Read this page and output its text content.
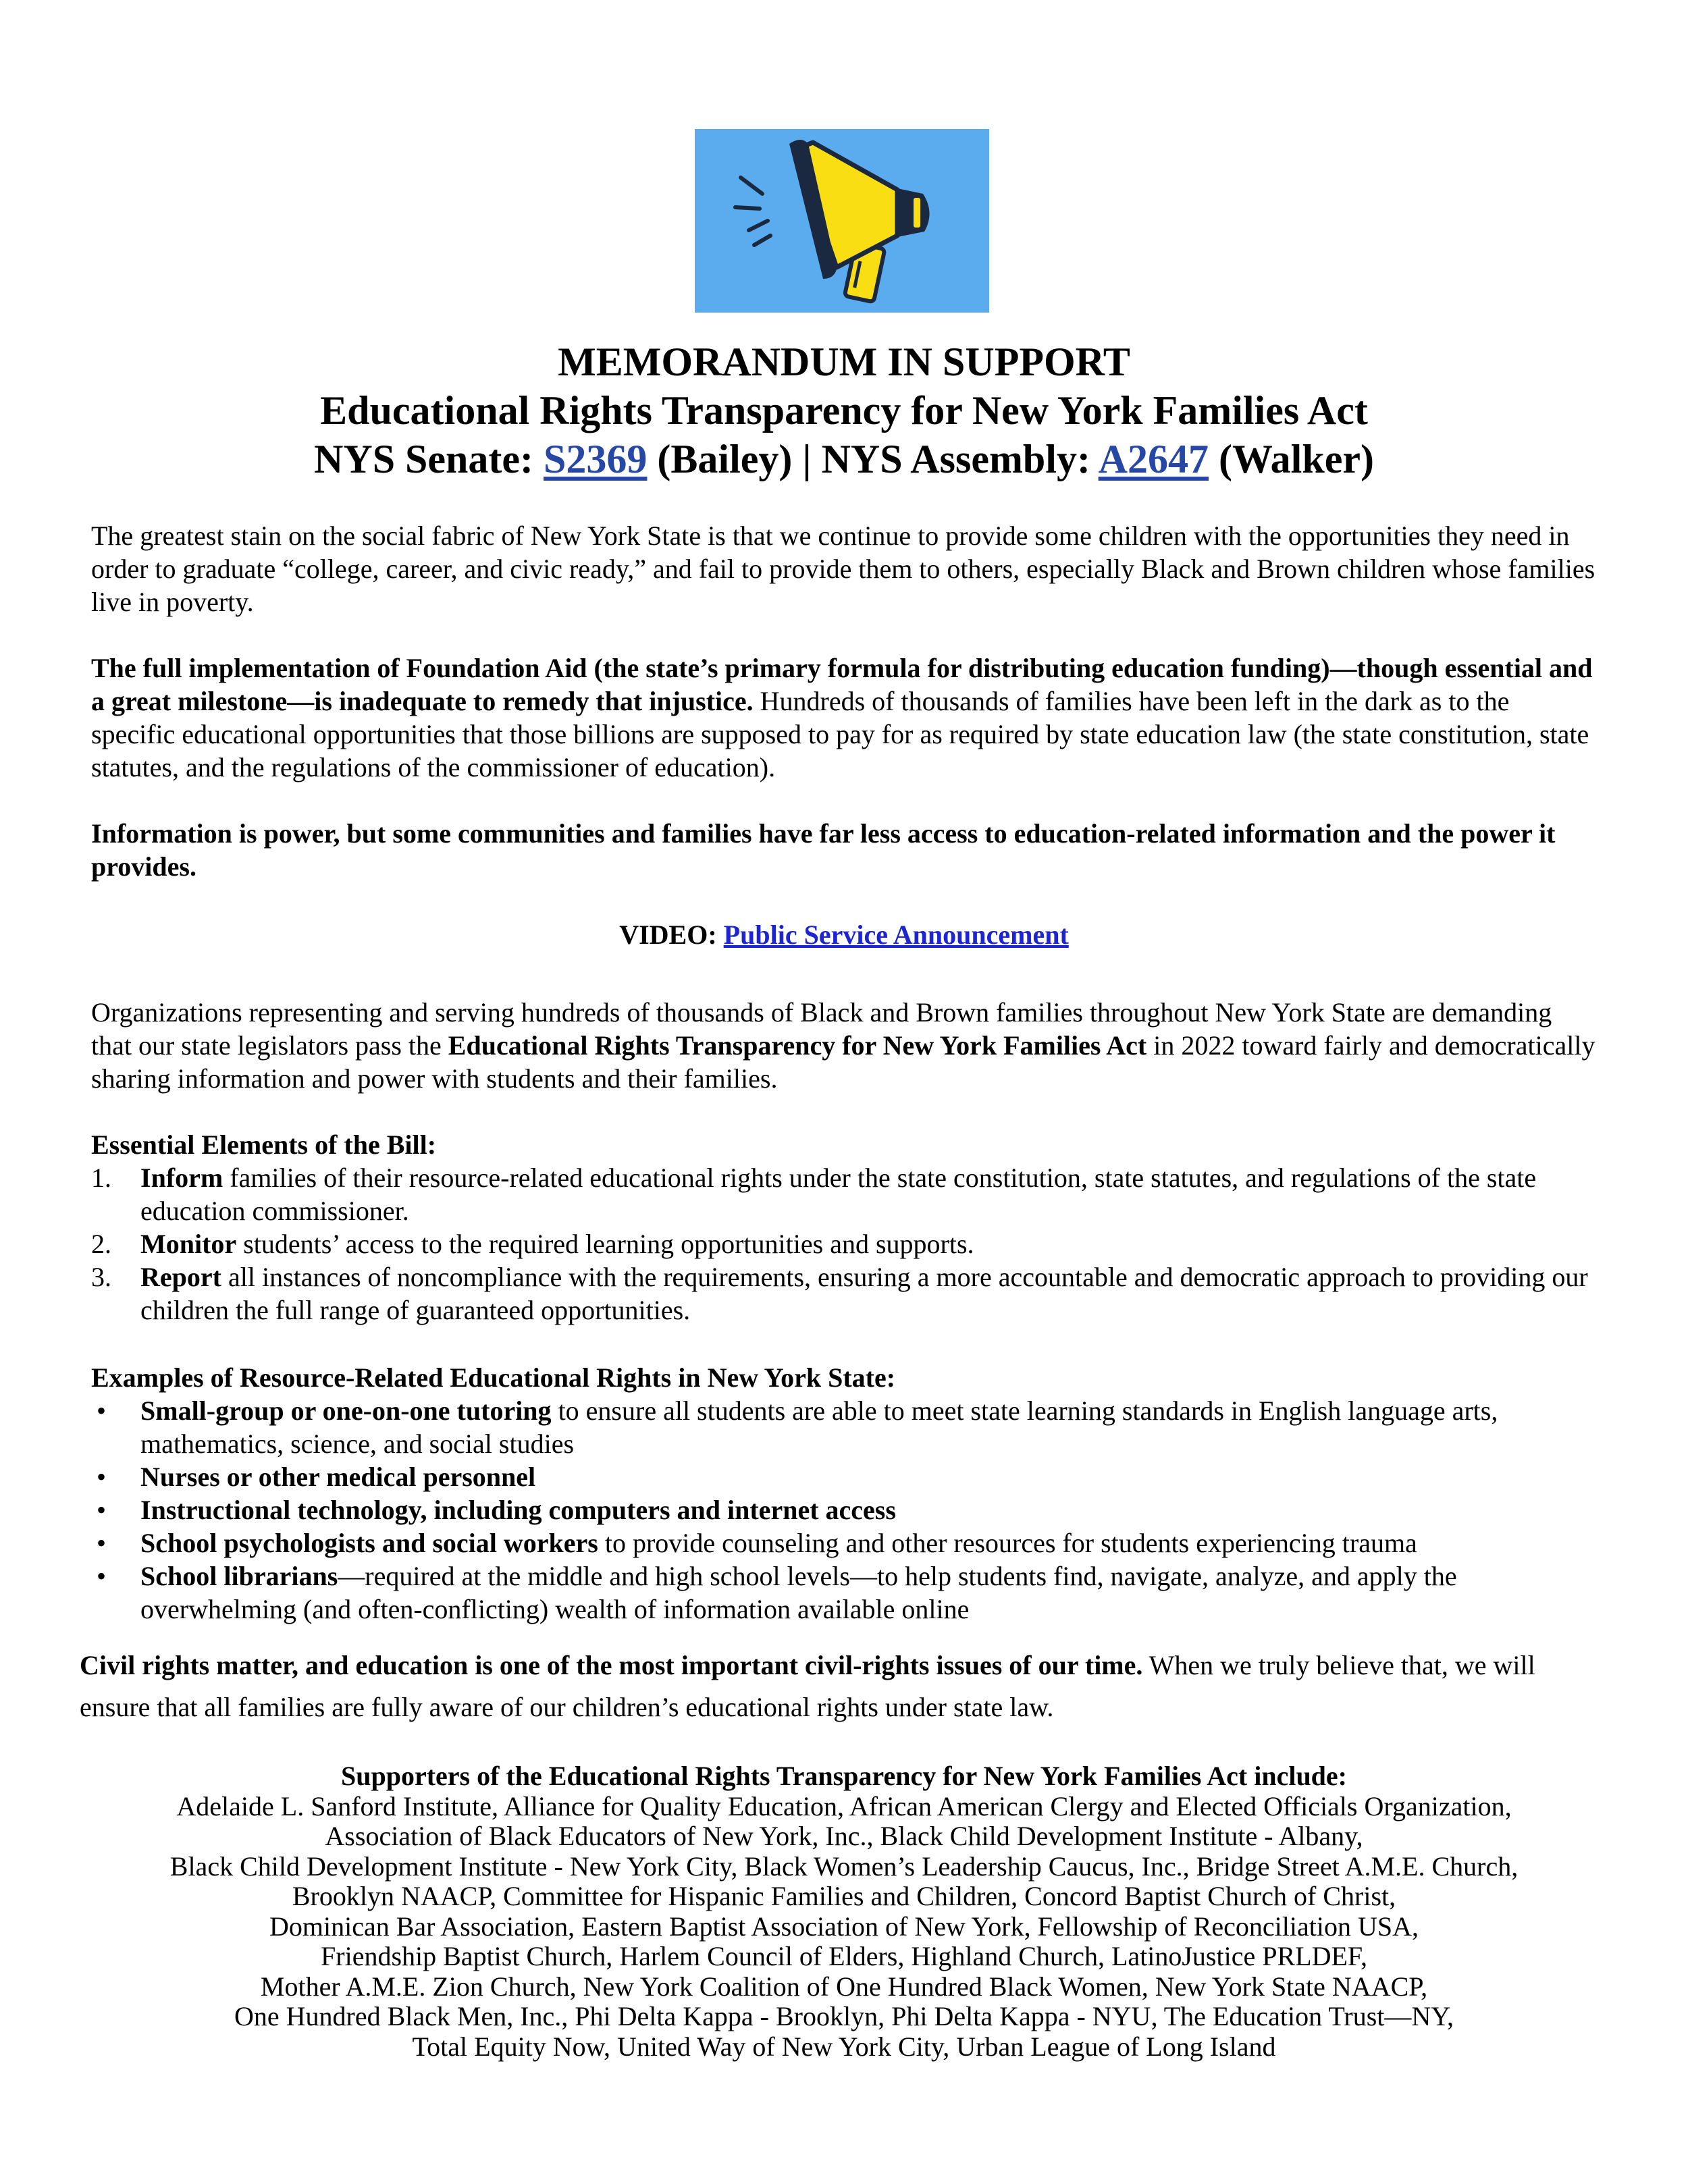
MEMORANDUM IN SUPPORT
Educational Rights Transparency for New York Families Act
NYS Senate: S2369 (Bailey) | NYS Assembly: A2647 (Walker)

The greatest stain on the social fabric of New York State is that we continue to provide some children with the opportunities they need in order to graduate “college, career, and civic ready,” and fail to provide them to others, especially Black and Brown children whose families live in poverty.

The full implementation of Foundation Aid (the state’s primary formula for distributing education funding)—though essential and a great milestone—is inadequate to remedy that injustice. Hundreds of thousands of families have been left in the dark as to the specific educational opportunities that those billions are supposed to pay for as required by state education law (the state constitution, state statutes, and the regulations of the commissioner of education).

Information is power, but some communities and families have far less access to education-related information and the power it provides.

VIDEO: Public Service Announcement

Organizations representing and serving hundreds of thousands of Black and Brown families throughout New York State are demanding that our state legislators pass the Educational Rights Transparency for New York Families Act in 2022 toward fairly and democratically sharing information and power with students and their families.

Essential Elements of the Bill:
1. Inform families of their resource-related educational rights under the state constitution, state statutes, and regulations of the state education commissioner.
2. Monitor students’ access to the required learning opportunities and supports.
3. Report all instances of noncompliance with the requirements, ensuring a more accountable and democratic approach to providing our children the full range of guaranteed opportunities.
Examples of Resource-Related Educational Rights in New York State:
• Small-group or one-on-one tutoring to ensure all students are able to meet state learning standards in English language arts, mathematics, science, and social studies
• Nurses or other medical personnel
• Instructional technology, including computers and internet access
• School psychologists and social workers to provide counseling and other resources for students experiencing trauma
• School librarians—required at the middle and high school levels—to help students find, navigate, analyze, and apply the overwhelming (and often-conflicting) wealth of information available online

Civil rights matter, and education is one of the most important civil-rights issues of our time. When we truly believe that, we will ensure that all families are fully aware of our children’s educational rights under state law.

Supporters of the Educational Rights Transparency for New York Families Act include:
Adelaide L. Sanford Institute, Alliance for Quality Education, African American Clergy and Elected Officials Organization,
Association of Black Educators of New York, Inc., Black Child Development Institute - Albany,
Black Child Development Institute - New York City, Black Women’s Leadership Caucus, Inc., Bridge Street A.M.E. Church,
Brooklyn NAACP, Committee for Hispanic Families and Children, Concord Baptist Church of Christ,
Dominican Bar Association, Eastern Baptist Association of New York, Fellowship of Reconciliation USA,
Friendship Baptist Church, Harlem Council of Elders, Highland Church, LatinoJustice PRLDEF,
Mother A.M.E. Zion Church, New York Coalition of One Hundred Black Women, New York State NAACP,
One Hundred Black Men, Inc., Phi Delta Kappa - Brooklyn, Phi Delta Kappa - NYU, The Education Trust—NY,
Total Equity Now, United Way of New York City, Urban League of Long Island
